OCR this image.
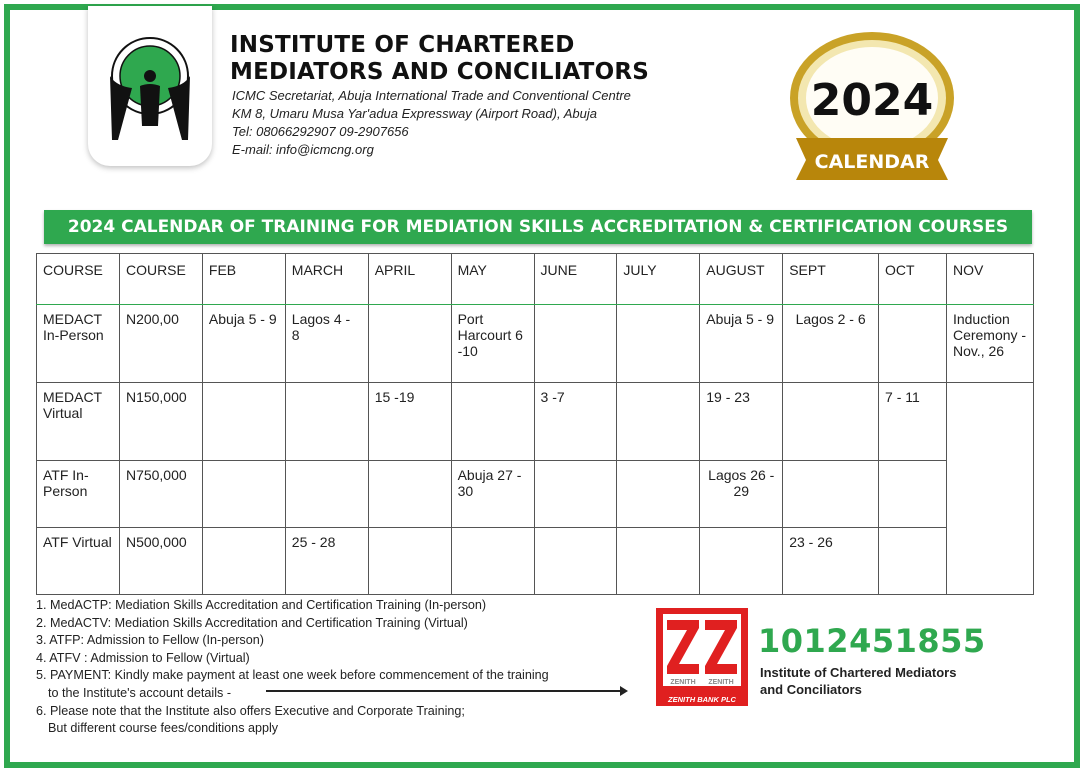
INSTITUTE OF CHARTERED
MEDIATORS AND CONCILIATORS
ICMC Secretariat, Abuja International Trade and Conventional Centre
KM 8, Umaru Musa Yar'adua Expressway (Airport Road), Abuja
Tel: 08066292907 09-2907656
E-mail: info@icmcng.org
2024
CALENDAR
2024 CALENDAR OF TRAINING FOR MEDIATION SKILLS ACCREDITATION & CERTIFICATION COURSES
COURSE	COURSE	FEB	MARCH	APRIL	MAY	JUNE	JULY	AUGUST	SEPT	OCT	NOV
MEDACT In-Person	N200,00	Abuja 5 - 9	Lagos 4 - 8		Port Harcourt 6 -10			Abuja 5 - 9	Lagos 2 - 6		Induction Ceremony - Nov., 26
MEDACT Virtual	N150,000			15 -19		3 -7		19 - 23		7 - 11	
ATF In-Person	N750,000				Abuja 27 - 30			Lagos 26 - 29			
ATF Virtual	N500,000		25 - 28						23 - 26		
1. MedACTP: Mediation Skills Accreditation and Certification Training (In-person)
2. MedACTV: Mediation Skills Accreditation and Certification Training (Virtual)
3. ATFP: Admission to Fellow (In-person)
4. ATFV : Admission to Fellow (Virtual)
5. PAYMENT: Kindly make payment at least one week before commencement of the training
to the Institute's account details -
6. Please note that the Institute also offers Executive and Corporate Training;
But different course fees/conditions apply
ZENITH ZENITH
ZENITH BANK PLC
1012451855
Institute of Chartered Mediators
and Conciliators
